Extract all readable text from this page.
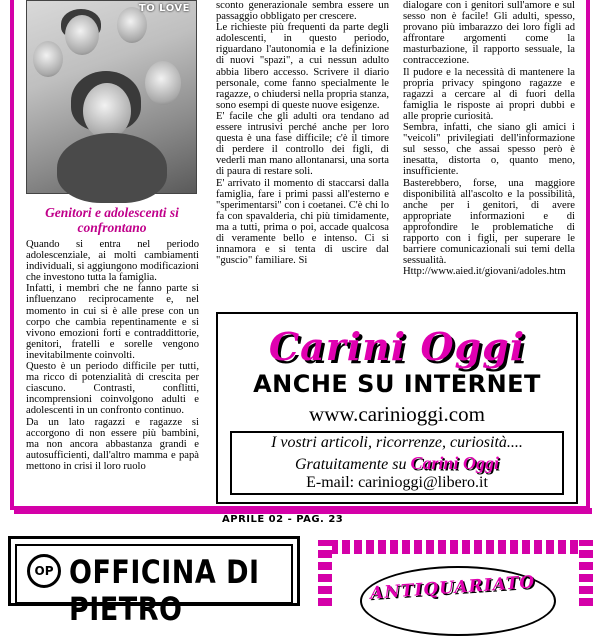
TO LOVE
Genitori e adolescenti si confrontano

Quando si entra nel periodo adolescenziale, ai molti cambiamenti individuali, si aggiungono modificazioni che investono tutta la famiglia.

Infatti, i membri che ne fanno parte si influenzano reciprocamente e, nel momento in cui si è alle prese con un corpo che cambia repentinamente e si vivono emozioni forti e contraddittorie, genitori, fratelli e sorelle vengono inevitabilmente coinvolti.

Questo è un periodo difficile per tutti, ma ricco di potenzialità di crescita per ciascuno. Contrasti, conflitti, incomprensioni coinvolgono adulti e adolescenti in un confronto continuo.

Da un lato ragazzi e ragazze si accorgono di non essere più bambini, ma non ancora abbastanza grandi e autosufficienti, dall'altro mamma e papà mettono in crisi il loro ruolo

sconto generazionale sembra essere un passaggio obbligato per crescere.

Le richieste più frequenti da parte degli adolescenti, in questo periodo, riguardano l'autonomia e la definizione di nuovi "spazi", a cui nessun adulto abbia libero accesso. Scrivere il diario personale, come fanno specialmente le ragazze, o chiudersi nella propria stanza, sono esempi di queste nuove esigenze.

E' facile che gli adulti ora tendano ad essere intrusivi perché anche per loro questa è una fase difficile; c'è il timore di perdere il controllo dei figli, di vederli man mano allontanarsi, una sorta di paura di restare soli.

E' arrivato il momento di staccarsi dalla famiglia, fare i primi passi all'esterno e "sperimentarsi" con i coetanei. C'è chi lo fa con spavalderia, chi più timidamente, ma a tutti, prima o poi, accade qualcosa di veramente bello e intenso. Ci si innamora e si tenta di uscire dal "guscio" familiare. Si

dialogare con i genitori sull'amore e sul sesso non è facile! Gli adulti, spesso, provano più imbarazzo dei loro figli ad affrontare argomenti come la masturbazione, il rapporto sessuale, la contraccezione.

Il pudore e la necessità di mantenere la propria privacy spingono ragazze e ragazzi a cercare al di fuori della famiglia le risposte ai propri dubbi e alle proprie curiosità.

Sembra, infatti, che siano gli amici i "veicoli" privilegiati dell'informazione sul sesso, che assai spesso però è inesatta, distorta o, quanto meno, insufficiente.

Basterebbero, forse, una maggiore disponibilità all'ascolto e la possibilità, anche per i genitori, di avere appropriate informazioni e di approfondire le problematiche di rapporto con i figli, per superare le barriere comunicazionali sui temi della sessualità.

Http://www.aied.it/giovani/adoles.htm

Carini Oggi
ANCHE SU INTERNET
www.carinioggi.com
I vostri articoli, ricorrenze, curiosità....
Gratuitamente su Carini Oggi
E-mail: carinioggi@libero.it
APRILE 02 - PAG. 23
OP OFFICINA DI PIETRO
ANTIQUARIATO
